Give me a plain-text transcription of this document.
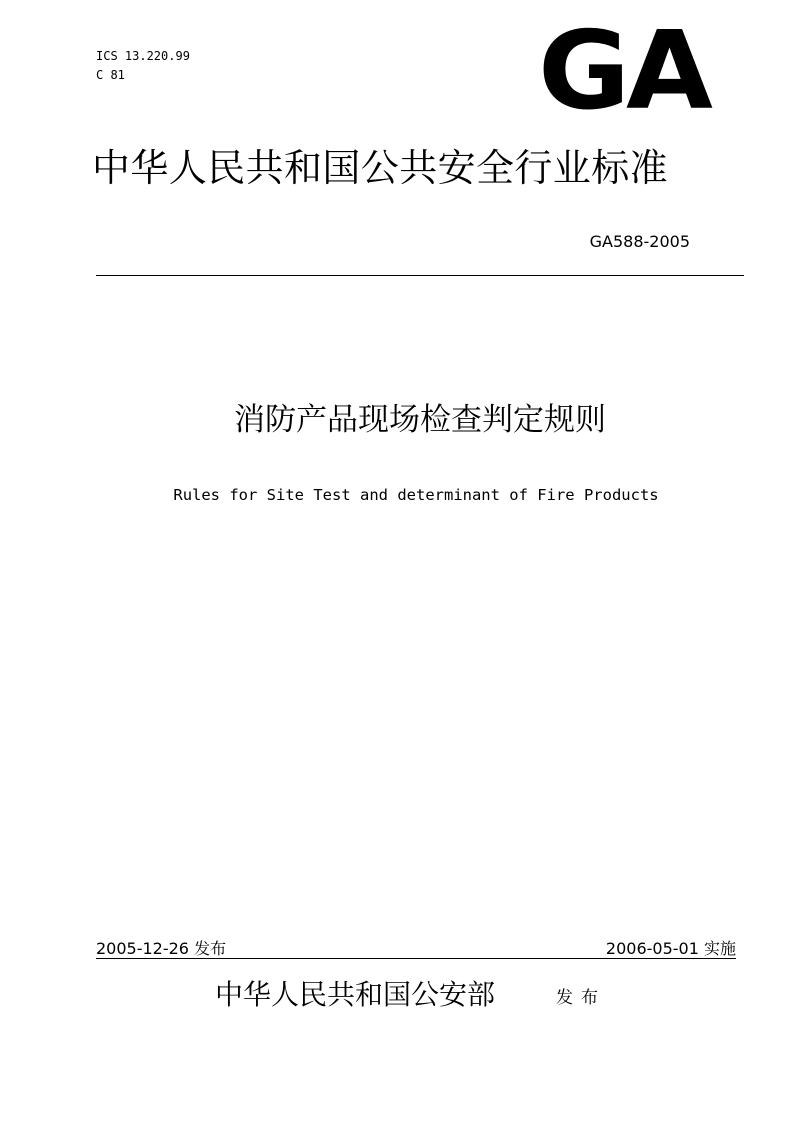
ICS 13.220.99
C 81	GA
中华人民共和国公共安全行业标准
GA588-2005
消防产品现场检查判定规则
Rules for Site Test and determinant of Fire Products
2005-12-26 发布	2006-05-01 实施
中华人民共和国公安部	发布
